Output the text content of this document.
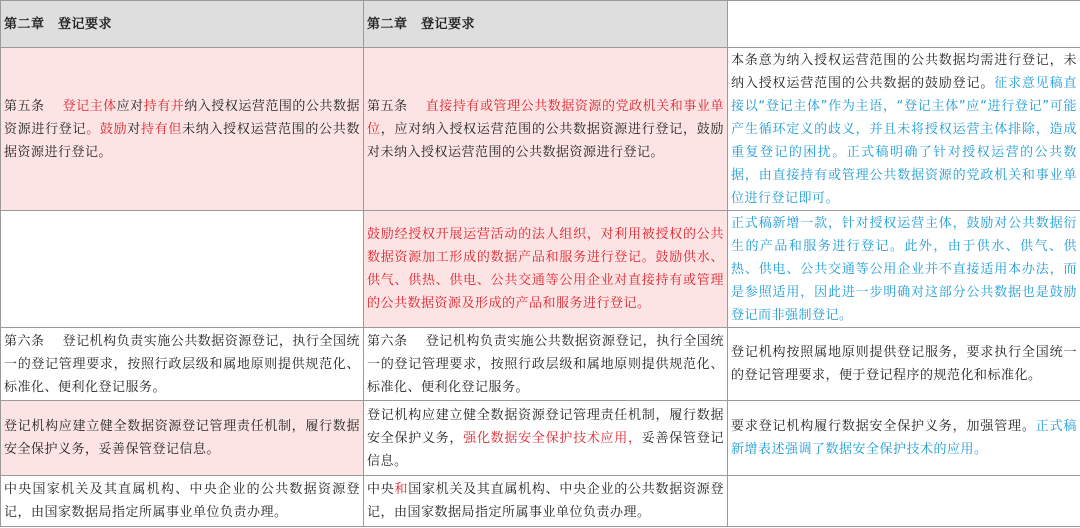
第二章　登记要求	第二章　登记要求	
第五条 登记主体应对持有并纳入授权运营范围的公共数据资源进行登记。鼓励对持有但未纳入授权运营范围的公共数据资源进行登记。	第五条 直接持有或管理公共数据资源的党政机关和事业单位，应对纳入授权运营范围的公共数据资源进行登记，鼓励对未纳入授权运营范围的公共数据资源进行登记。	本条意为纳入授权运营范围的公共数据均需进行登记，未纳入授权运营范围的公共数据的鼓励登记。征求意见稿直接以“登记主体”作为主语，“登记主体”应“进行登记”可能产生循环定义的歧义，并且未将授权运营主体排除，造成重复登记的困扰。正式稿明确了针对授权运营的公共数据，由直接持有或管理公共数据资源的党政机关和事业单位进行登记即可。
	鼓励经授权开展运营活动的法人组织，对利用被授权的公共数据资源加工形成的数据产品和服务进行登记。鼓励供水、供气、供热、供电、公共交通等公用企业对直接持有或管理的公共数据资源及形成的产品和服务进行登记。	正式稿新增一款，针对授权运营主体，鼓励对公共数据衍生的产品和服务进行登记。此外，由于供水、供气、供热、供电、公共交通等公用企业并不直接适用本办法，而是参照适用，因此进一步明确对这部分公共数据也是鼓励登记而非强制登记。
第六条 登记机构负责实施公共数据资源登记，执行全国统一的登记管理要求，按照行政层级和属地原则提供规范化、标准化、便利化登记服务。	第六条 登记机构负责实施公共数据资源登记，执行全国统一的登记管理要求，按照行政层级和属地原则提供规范化、标准化、便利化登记服务。	登记机构按照属地原则提供登记服务，要求执行全国统一的登记管理要求，便于登记程序的规范化和标准化。
登记机构应建立健全数据资源登记管理责任机制，履行数据安全保护义务，妥善保管登记信息。	登记机构应建立健全数据资源登记管理责任机制，履行数据安全保护义务，强化数据安全保护技术应用，妥善保管登记信息。	要求登记机构履行数据安全保护义务，加强管理。正式稿新增表述强调了数据安全保护技术的应用。
中央国家机关及其直属机构、中央企业的公共数据资源登记，由国家数据局指定所属事业单位负责办理。	中央和国家机关及其直属机构、中央企业的公共数据资源登记，由国家数据局指定所属事业单位负责办理。	
